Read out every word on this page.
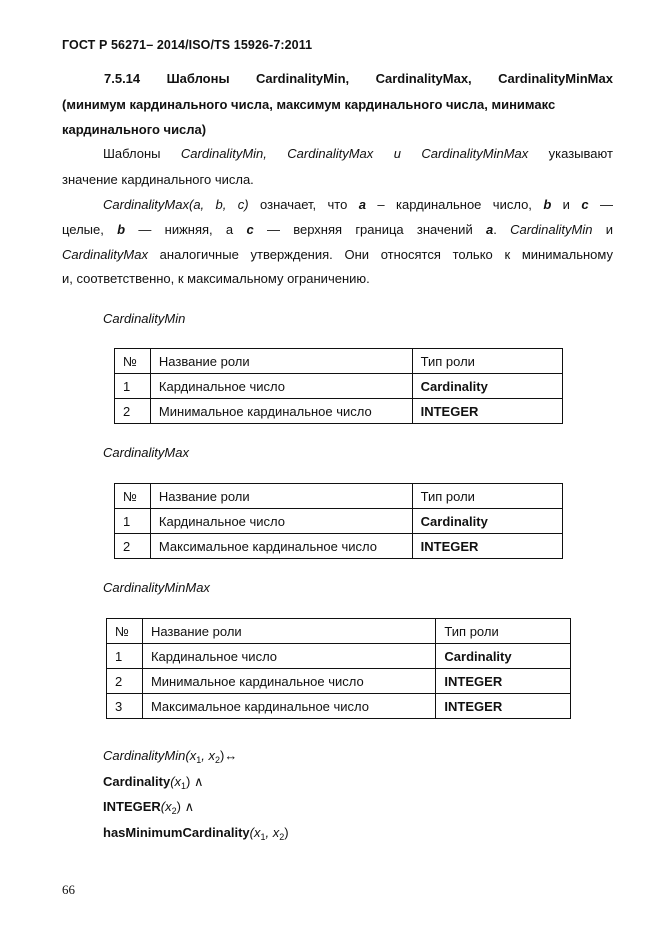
ГОСТ Р 56271– 2014/ISO/TS 15926-7:2011
7.5.14 Шаблоны CardinalityMin, CardinalityMax, CardinalityMinMax
(минимум кардинального числа, максимум кардинального числа, минимакс
кардинального числа)
Шаблоны CardinalityMin, CardinalityMax и CardinalityMinMax указывают
значение кардинального числа.
CardinalityMax(a, b, c) означает, что a – кардинальное число, b и c —
целые, b — нижняя, а c — верхняя граница значений a. CardinalityMin и
CardinalityMax аналогичные утверждения. Они относятся только к минимальному
и, соответственно, к максимальному ограничению.
CardinalityMin
№	Название роли	Тип роли
1	Кардинальное число	Cardinality
2	Минимальное кардинальное число	INTEGER
CardinalityMax
№	Название роли	Тип роли
1	Кардинальное число	Cardinality
2	Максимальное кардинальное число	INTEGER
CardinalityMinMax
№	Название роли	Тип роли
1	Кардинальное число	Cardinality
2	Минимальное кардинальное число	INTEGER
3	Максимальное кардинальное число	INTEGER
$CardinalityMin(x_1$, $x_2)\leftrightarrow$
$Cardinality(x_1)$ ∧
$INTEGER(x_2)$ ∧
$hasMinimumCardinality(x_1$, $x_2$)
66
